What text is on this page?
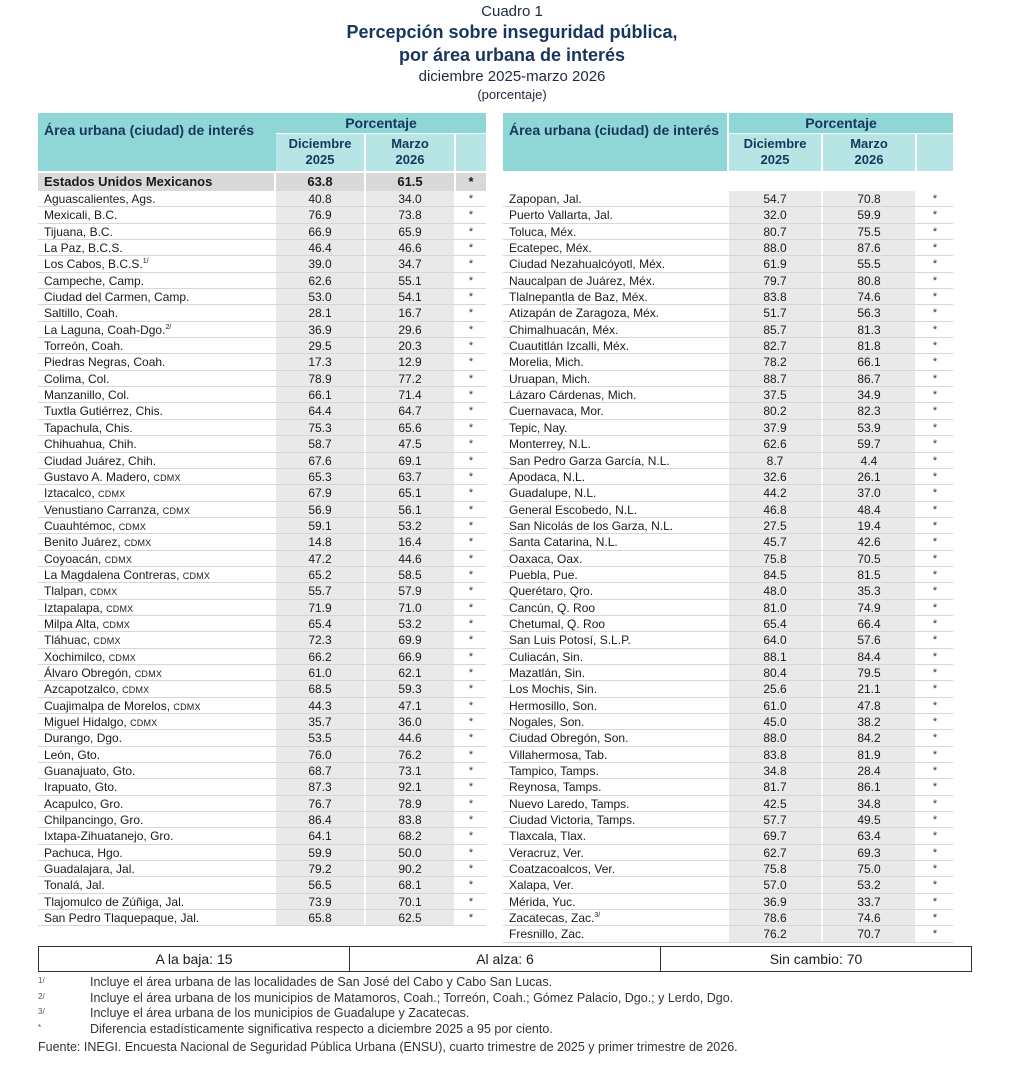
Cuadro 1
Percepción sobre inseguridad pública,
por área urbana de interés
diciembre 2025-marzo 2026
(porcentaje)
Área urbana (ciudad) de interés	Porcentaje
Diciembre
2025
Marzo
2026
Estados Unidos Mexicanos	63.8	61.5	*
Aguascalientes, Ags.	40.8	34.0	*
Mexicali, B.C.	76.9	73.8	*
Tijuana, B.C.	66.9	65.9	*
La Paz, B.C.S.	46.4	46.6	*
Los Cabos, B.C.S.$^{1/}$	39.0	34.7	*
Campeche, Camp.	62.6	55.1	*
Ciudad del Carmen, Camp.	53.0	54.1	*
Saltillo, Coah.	28.1	16.7	*
La Laguna, Coah-Dgo.$^{2/}$	36.9	29.6	*
Torreón, Coah.	29.5	20.3	*
Piedras Negras, Coah.	17.3	12.9	*
Colima, Col.	78.9	77.2	*
Manzanillo, Col.	66.1	71.4	*
Tuxtla Gutiérrez, Chis.	64.4	64.7	*
Tapachula, Chis.	75.3	65.6	*
Chihuahua, Chih.	58.7	47.5	*
Ciudad Juárez, Chih.	67.6	69.1	*
Gustavo A. Madero, CDMX	65.3	63.7	*
Iztacalco, CDMX	67.9	65.1	*
Venustiano Carranza, CDMX	56.9	56.1	*
Cuauhtémoc, CDMX	59.1	53.2	*
Benito Juárez, CDMX	14.8	16.4	*
Coyoacán, CDMX	47.2	44.6	*
La Magdalena Contreras, CDMX	65.2	58.5	*
Tlalpan, CDMX	55.7	57.9	*
Iztapalapa, CDMX	71.9	71.0	*
Milpa Alta, CDMX	65.4	53.2	*
Tláhuac, CDMX	72.3	69.9	*
Xochimilco, CDMX	66.2	66.9	*
Álvaro Obregón, CDMX	61.0	62.1	*
Azcapotzalco, CDMX	68.5	59.3	*
Cuajimalpa de Morelos, CDMX	44.3	47.1	*
Miguel Hidalgo, CDMX	35.7	36.0	*
Durango, Dgo.	53.5	44.6	*
León, Gto.	76.0	76.2	*
Guanajuato, Gto.	68.7	73.1	*
Irapuato, Gto.	87.3	92.1	*
Acapulco, Gro.	76.7	78.9	*
Chilpancingo, Gro.	86.4	83.8	*
Ixtapa-Zihuatanejo, Gro.	64.1	68.2	*
Pachuca, Hgo.	59.9	50.0	*
Guadalajara, Jal.	79.2	90.2	*
Tonalá, Jal.	56.5	68.1	*
Tlajomulco de Zúñiga, Jal.	73.9	70.1	*
San Pedro Tlaquepaque, Jal.	65.8	62.5	*
Área urbana (ciudad) de interés	Porcentaje
Diciembre
2025
Marzo
2026
Zapopan, Jal.	54.7	70.8	*
Puerto Vallarta, Jal.	32.0	59.9	*
Toluca, Méx.	80.7	75.5	*
Ecatepec, Méx.	88.0	87.6	*
Ciudad Nezahualcóyotl, Méx.	61.9	55.5	*
Naucalpan de Juárez, Méx.	79.7	80.8	*
Tlalnepantla de Baz, Méx.	83.8	74.6	*
Atizapán de Zaragoza, Méx.	51.7	56.3	*
Chimalhuacán, Méx.	85.7	81.3	*
Cuautitlán Izcalli, Méx.	82.7	81.8	*
Morelia, Mich.	78.2	66.1	*
Uruapan, Mich.	88.7	86.7	*
Lázaro Cárdenas, Mich.	37.5	34.9	*
Cuernavaca, Mor.	80.2	82.3	*
Tepic, Nay.	37.9	53.9	*
Monterrey, N.L.	62.6	59.7	*
San Pedro Garza García, N.L.	8.7	4.4	*
Apodaca, N.L.	32.6	26.1	*
Guadalupe, N.L.	44.2	37.0	*
General Escobedo, N.L.	46.8	48.4	*
San Nicolás de los Garza, N.L.	27.5	19.4	*
Santa Catarina, N.L.	45.7	42.6	*
Oaxaca, Oax.	75.8	70.5	*
Puebla, Pue.	84.5	81.5	*
Querétaro, Qro.	48.0	35.3	*
Cancún, Q. Roo	81.0	74.9	*
Chetumal, Q. Roo	65.4	66.4	*
San Luis Potosí, S.L.P.	64.0	57.6	*
Culiacán, Sin.	88.1	84.4	*
Mazatlán, Sin.	80.4	79.5	*
Los Mochis, Sin.	25.6	21.1	*
Hermosillo, Son.	61.0	47.8	*
Nogales, Son.	45.0	38.2	*
Ciudad Obregón, Son.	88.0	84.2	*
Villahermosa, Tab.	83.8	81.9	*
Tampico, Tamps.	34.8	28.4	*
Reynosa, Tamps.	81.7	86.1	*
Nuevo Laredo, Tamps.	42.5	34.8	*
Ciudad Victoria, Tamps.	57.7	49.5	*
Tlaxcala, Tlax.	69.7	63.4	*
Veracruz, Ver.	62.7	69.3	*
Coatzacoalcos, Ver.	75.8	75.0	*
Xalapa, Ver.	57.0	53.2	*
Mérida, Yuc.	36.9	33.7	*
Zacatecas, Zac.$^{3/}$	78.6	74.6	*
Fresnillo, Zac.	76.2	70.7	*
A la baja: 15	Al alza: 6	Sin cambio: 70
1/	Incluye el área urbana de las localidades de San José del Cabo y Cabo San Lucas.
2/	Incluye el área urbana de los municipios de Matamoros, Coah.; Torreón, Coah.; Gómez Palacio, Dgo.; y Lerdo, Dgo.
3/	Incluye el área urbana de los municipios de Guadalupe y Zacatecas.
*	Diferencia estadísticamente significativa respecto a diciembre 2025 a 95 por ciento.
Fuente: INEGI. Encuesta Nacional de Seguridad Pública Urbana (ENSU), cuarto trimestre de 2025 y primer trimestre de 2026.
